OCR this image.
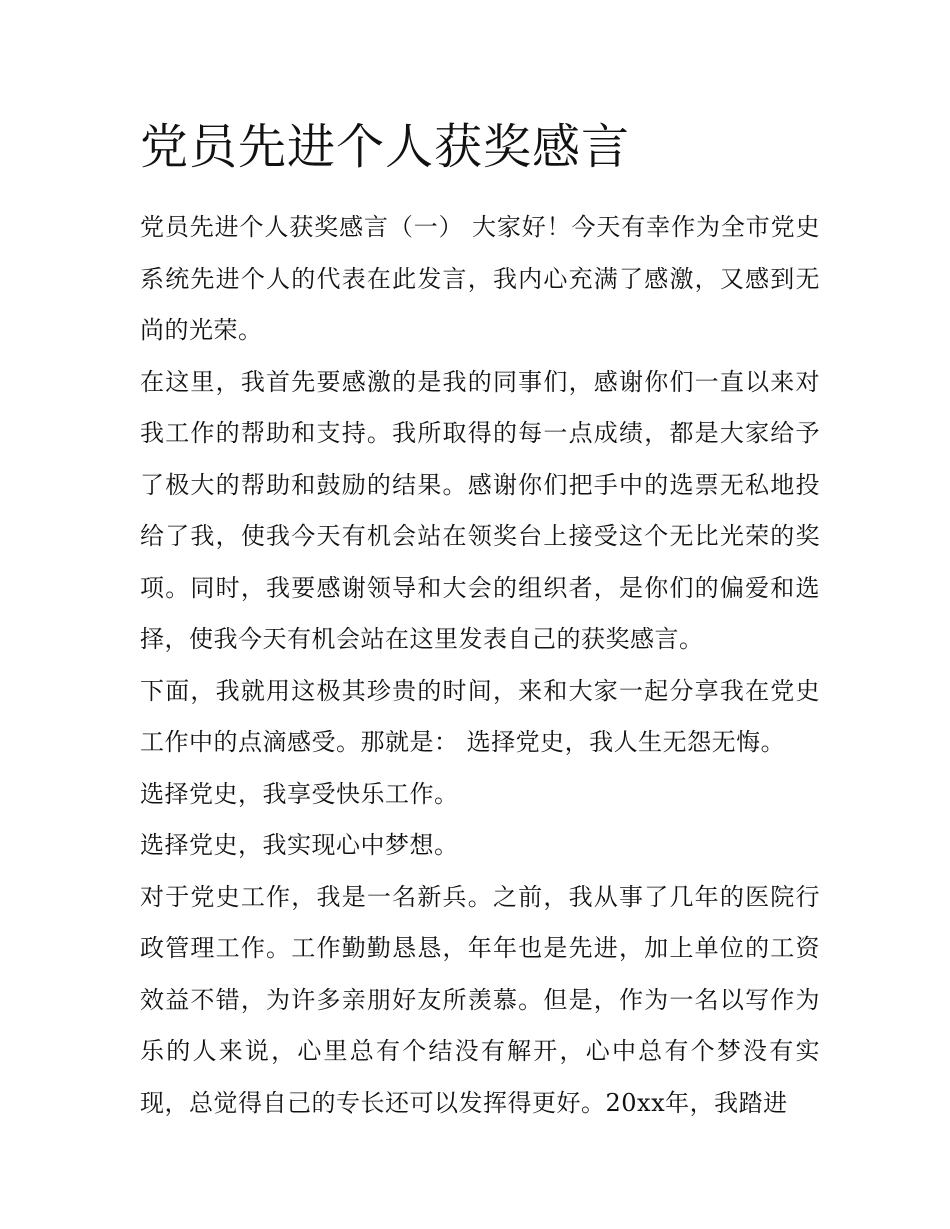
党员先进个人获奖感言

党员先进个人获奖感言（一） 大家好！今天有幸作为全市党史系统先进个人的代表在此发言，我内心充满了感激，又感到无尚的光荣。

在这里，我首先要感激的是我的同事们，感谢你们一直以来对我工作的帮助和支持。我所取得的每一点成绩，都是大家给予了极大的帮助和鼓励的结果。感谢你们把手中的选票无私地投给了我，使我今天有机会站在领奖台上接受这个无比光荣的奖项。同时，我要感谢领导和大会的组织者，是你们的偏爱和选择，使我今天有机会站在这里发表自己的获奖感言。

下面，我就用这极其珍贵的时间，来和大家一起分享我在党史工作中的点滴感受。那就是： 选择党史，我人生无怨无悔。

选择党史，我享受快乐工作。

选择党史，我实现心中梦想。

对于党史工作，我是一名新兵。之前，我从事了几年的医院行政管理工作。工作勤勤恳恳，年年也是先进，加上单位的工资效益不错，为许多亲朋好友所羡慕。但是，作为一名以写作为乐的人来说，心里总有个结没有解开，心中总有个梦没有实现，总觉得自己的专长还可以发挥得更好。20xx年，我踏进
